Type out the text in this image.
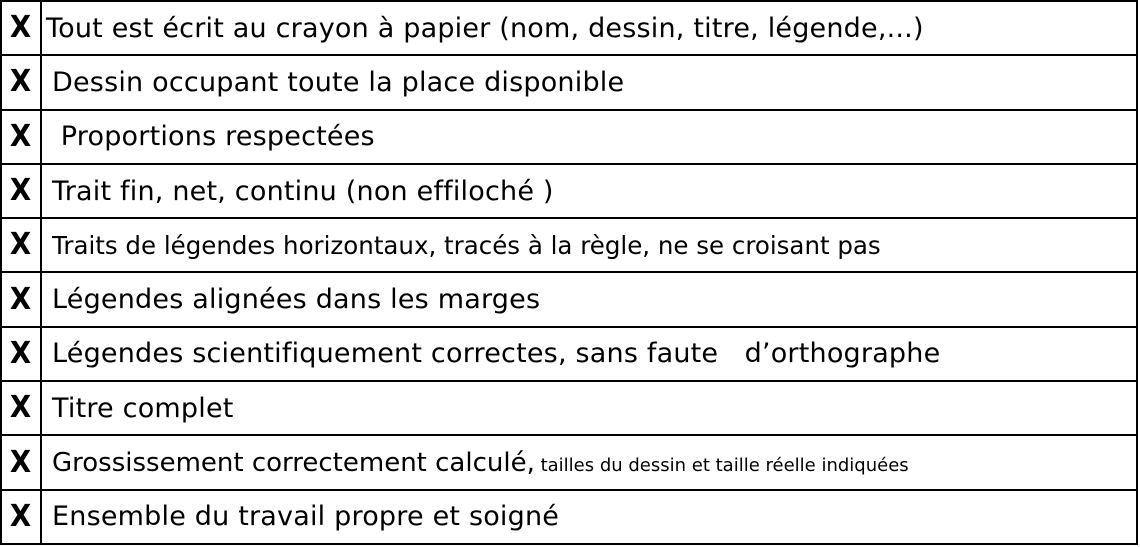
X	Tout est écrit au crayon à papier (nom, dessin, titre, légende,...)
X	Dessin occupant toute la place disponible
X	Proportions respectées
X	Trait fin, net, continu (non effiloché )
X	Traits de légendes horizontaux, tracés à la règle, ne se croisant pas
X	Légendes alignées dans les marges
X	Légendes scientifiquement correctes, sans faute   d’orthographe
X	Titre complet
X	Grossissement correctement calculé, tailles du dessin et taille réelle indiquées
X	Ensemble du travail propre et soigné
